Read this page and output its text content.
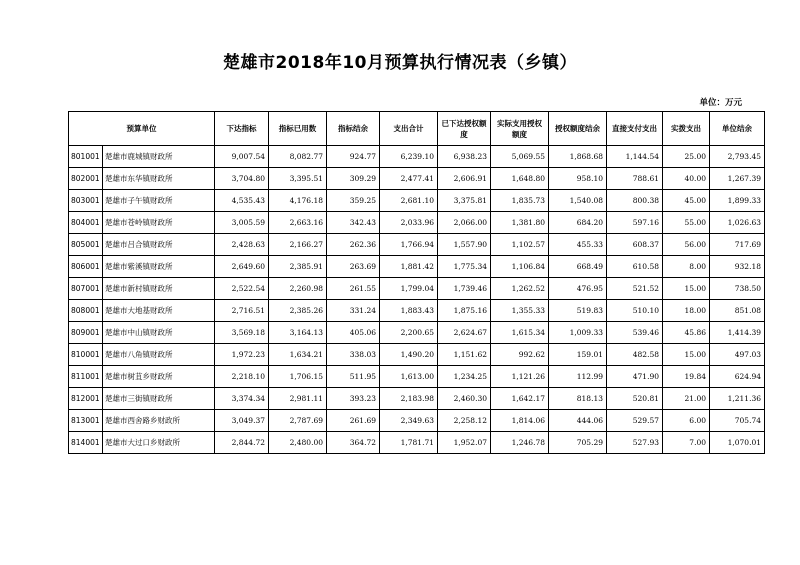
楚雄市2018年10月预算执行情况表（乡镇）
单位：万元
预算单位		下达指标	指标已用数	指标结余	支出合计	已下达授权额度	实际支用授权额度	授权额度结余	直接支付支出	实拨支出	单位结余
801001	楚雄市鹿城镇财政所	9,007.54	8,082.77	924.77	6,239.10	6,938.23	5,069.55	1,868.68	1,144.54	25.00	2,793.45
802001	楚雄市东华镇财政所	3,704.80	3,395.51	309.29	2,477.41	2,606.91	1,648.80	958.10	788.61	40.00	1,267.39
803001	楚雄市子午镇财政所	4,535.43	4,176.18	359.25	2,681.10	3,375.81	1,835.73	1,540.08	800.38	45.00	1,899.33
804001	楚雄市苍岭镇财政所	3,005.59	2,663.16	342.43	2,033.96	2,066.00	1,381.80	684.20	597.16	55.00	1,026.63
805001	楚雄市吕合镇财政所	2,428.63	2,166.27	262.36	1,766.94	1,557.90	1,102.57	455.33	608.37	56.00	717.69
806001	楚雄市紫溪镇财政所	2,649.60	2,385.91	263.69	1,881.42	1,775.34	1,106.84	668.49	610.58	8.00	932.18
807001	楚雄市新村镇财政所	2,522.54	2,260.98	261.55	1,799.04	1,739.46	1,262.52	476.95	521.52	15.00	738.50
808001	楚雄市大地基财政所	2,716.51	2,385.26	331.24	1,883.43	1,875.16	1,355.33	519.83	510.10	18.00	851.08
809001	楚雄市中山镇财政所	3,569.18	3,164.13	405.06	2,200.65	2,624.67	1,615.34	1,009.33	539.46	45.86	1,414.39
810001	楚雄市八角镇财政所	1,972.23	1,634.21	338.03	1,490.20	1,151.62	992.62	159.01	482.58	15.00	497.03
811001	楚雄市树苴乡财政所	2,218.10	1,706.15	511.95	1,613.00	1,234.25	1,121.26	112.99	471.90	19.84	624.94
812001	楚雄市三街镇财政所	3,374.34	2,981.11	393.23	2,183.98	2,460.30	1,642.17	818.13	520.81	21.00	1,211.36
813001	楚雄市西舍路乡财政所	3,049.37	2,787.69	261.69	2,349.63	2,258.12	1,814.06	444.06	529.57	6.00	705.74
814001	楚雄市大过口乡财政所	2,844.72	2,480.00	364.72	1,781.71	1,952.07	1,246.78	705.29	527.93	7.00	1,070.01
